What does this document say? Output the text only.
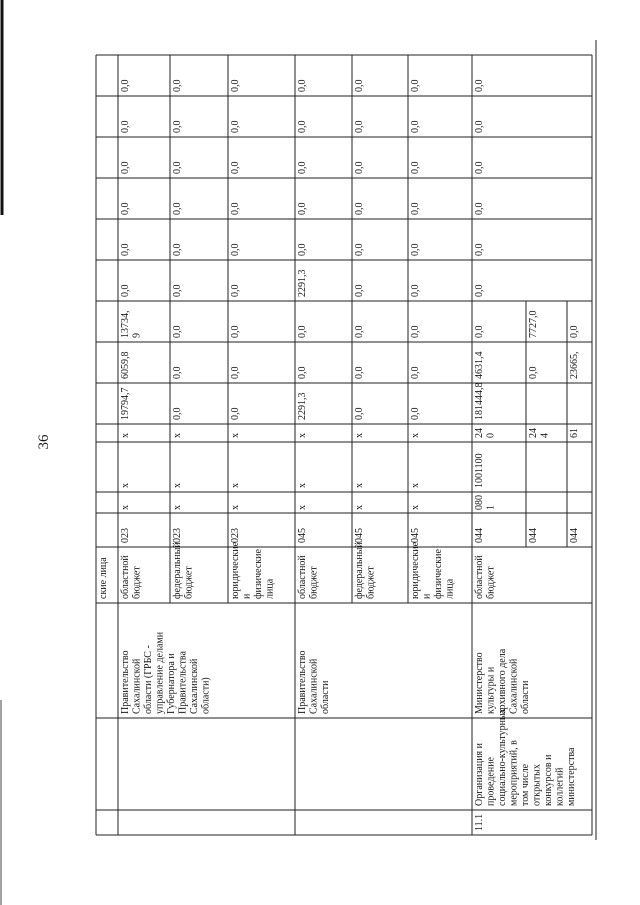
36
ские лица
Правительство Сахалинской области (ГРБС - управление делами Губернатора и Правительства Сахалинской области)
областной бюджет
023
х
х
х
19794,7
6059,8
13734, 9
0,0
0,0
0,0
0,0
0,0
0,0
федеральный бюджет
023
х
х
х
0,0
0,0
0,0
0,0
0,0
0,0
0,0
0,0
0,0
юридические и физические лица
023
х
х
х
0,0
0,0
0,0
0,0
0,0
0,0
0,0
0,0
0,0
Правительство Сахалинской области
областной бюджет
045
х
х
х
2291,3
0,0
0,0
2291,3
0,0
0,0
0,0
0,0
0,0
федеральный бюджет
045
х
х
х
0,0
0,0
0,0
0,0
0,0
0,0
0,0
0,0
0,0
юридические и физические лица
045
х
х
х
0,0
0,0
0,0
0,0
0,0
0,0
0,0
0,0
0,0
11.1
Организация и проведение социально-культурных мероприятий, в том числе открытых конкурсов и коллегий министерства
Министерство культуры и архивного дела Сахалинской области
областной бюджет
044
080 1
1001100
24 0
181444,8
4631,4
0,0
0,0
0,0
0,0
0,0
0,0
0,0
044
24 4
0,0
7727,0
044
61
23665,
0,0
